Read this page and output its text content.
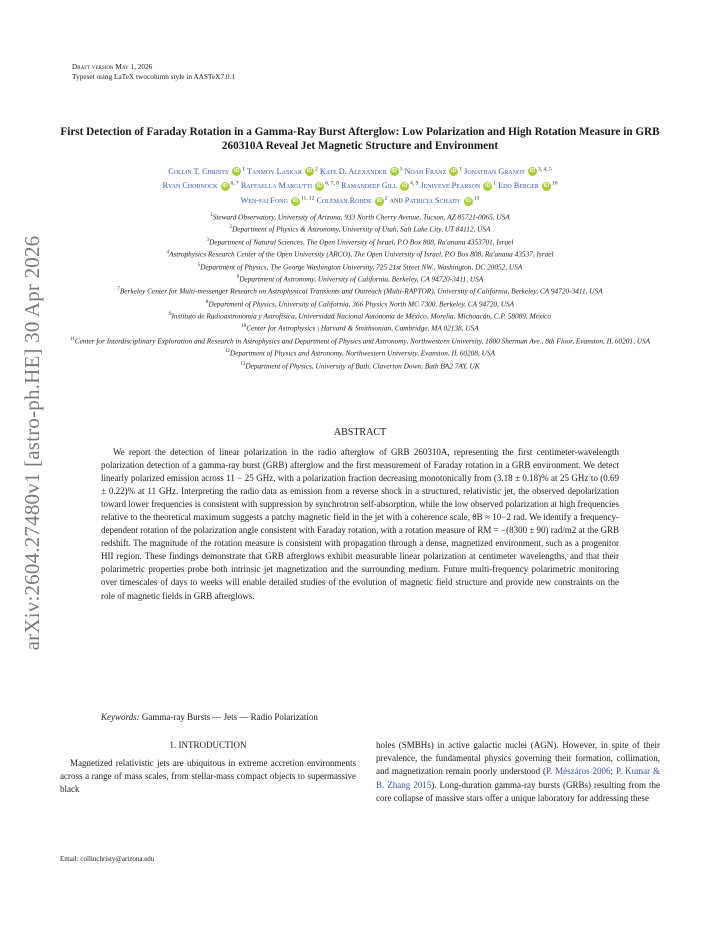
arXiv:2604.27480v1 [astro-ph.HE] 30 Apr 2026
Draft version May 1, 2026
Typeset using LaTeX twocolumn style in AASTeX7.0.1
First Detection of Faraday Rotation in a Gamma-Ray Burst Afterglow: Low Polarization and High Rotation Measure in GRB 260310A Reveal Jet Magnetic Structure and Environment
Collin T. Christy iD $^1$ Tanmoy Laskar iD $^2$ Kate D. Alexander iD $^1$ Noah Franz iD $^1$ Jonathan Granot iD $^{3, 4, 5}$
Ryan Chornock iD $^{6, 7}$ Raffaella Margutti iD $^{6, 7, 8}$ Ramandeep Gill iD $^{4, 9}$ Jeniveve Pearson iD $^1$ Edo Berger iD $^{10}$
Wen-fai Fong iD $^{11, 12}$ Coleman Rohde iD $^2$ and Patricia Schady iD $^{13}$
$^1$Steward Observatory, University of Arizona, 933 North Cherry Avenue, Tucson, AZ 85721-0065, USA
$^2$Department of Physics & Astronomy, University of Utah, Salt Lake City, UT 84112, USA
$^3$Department of Natural Sciences, The Open University of Israel, P.O Box 808, Ra'anana 4353701, Israel
$^4$Astrophysics Research Center of the Open University (ARCO), The Open University of Israel, P.O Box 808, Ra'anana 43537, Israel
$^5$Department of Physics, The George Washington University, 725 21st Street NW., Washington, DC 20052, USA
$^6$Department of Astronomy, University of California, Berkeley, CA 94720-3411, USA
$^7$Berkeley Center for Multi-messenger Research on Astrophysical Transients and Outreach (Multi-RAPTOR), University of California, Berkeley, CA 94720-3411, USA
$^8$Department of Physics, University of California, 366 Physics North MC 7300, Berkeley, CA 94720, USA
$^9$Instituto de Radioastronomía y Astrofísica, Universidad Nacional Autónoma de México, Morelia, Michoacán, C.P. 58089, México
$^{10}$Center for Astrophysics | Harvard & Smithsonian, Cambridge, MA 02138, USA
$^{11}$Center for Interdisciplinary Exploration and Research in Astrophysics and Department of Physics and Astronomy, Northwestern University, 1800 Sherman Ave., 8th Floor, Evanston, IL 60201, USA
$^{12}$Department of Physics and Astronomy, Northwestern University, Evanston, IL 60208, USA
$^{13}$Department of Physics, University of Bath, Claverton Down, Bath BA2 7AY, UK
ABSTRACT
We report the detection of linear polarization in the radio afterglow of GRB 260310A, representing the first centimeter-wavelength polarization detection of a gamma-ray burst (GRB) afterglow and the first measurement of Faraday rotation in a GRB environment. We detect linearly polarized emission across 11 − 25 GHz, with a polarization fraction decreasing monotonically from (3.18 ± 0.18)% at 25 GHz to (0.69 ± 0.22)% at 11 GHz. Interpreting the radio data as emission from a reverse shock in a structured, relativistic jet, the observed depolarization toward lower frequencies is consistent with suppression by synchrotron self-absorption, while the low observed polarization at high frequencies relative to the theoretical maximum suggests a patchy magnetic field in the jet with a coherence scale, θB ≈ 10−2 rad. We identify a frequency-dependent rotation of the polarization angle consistent with Faraday rotation, with a rotation measure of RM = −(8300 ± 90) rad/m2 at the GRB redshift. The magnitude of the rotation measure is consistent with propagation through a dense, magnetized environment, such as a progenitor HII region. These findings demonstrate that GRB afterglows exhibit measurable linear polarization at centimeter wavelengths, and that their polarimetric properties probe both intrinsic jet magnetization and the surrounding medium. Future multi-frequency polarimetric monitoring over timescales of days to weeks will enable detailed studies of the evolution of magnetic field structure and provide new constraints on the role of magnetic fields in GRB afterglows.
Keywords: Gamma-ray Bursts — Jets — Radio Polarization
1. INTRODUCTION
Magnetized relativistic jets are ubiquitous in extreme accretion environments across a range of mass scales, from stellar-mass compact objects to supermassive black
holes (SMBHs) in active galactic nuclei (AGN). However, in spite of their prevalence, the fundamental physics governing their formation, collimation, and magnetization remain poorly understood (P. Mészáros 2006; P. Kumar & B. Zhang 2015). Long-duration gamma-ray bursts (GRBs) resulting from the core collapse of massive stars offer a unique laboratory for addressing these
Email: collinchristy@arizona.edu
